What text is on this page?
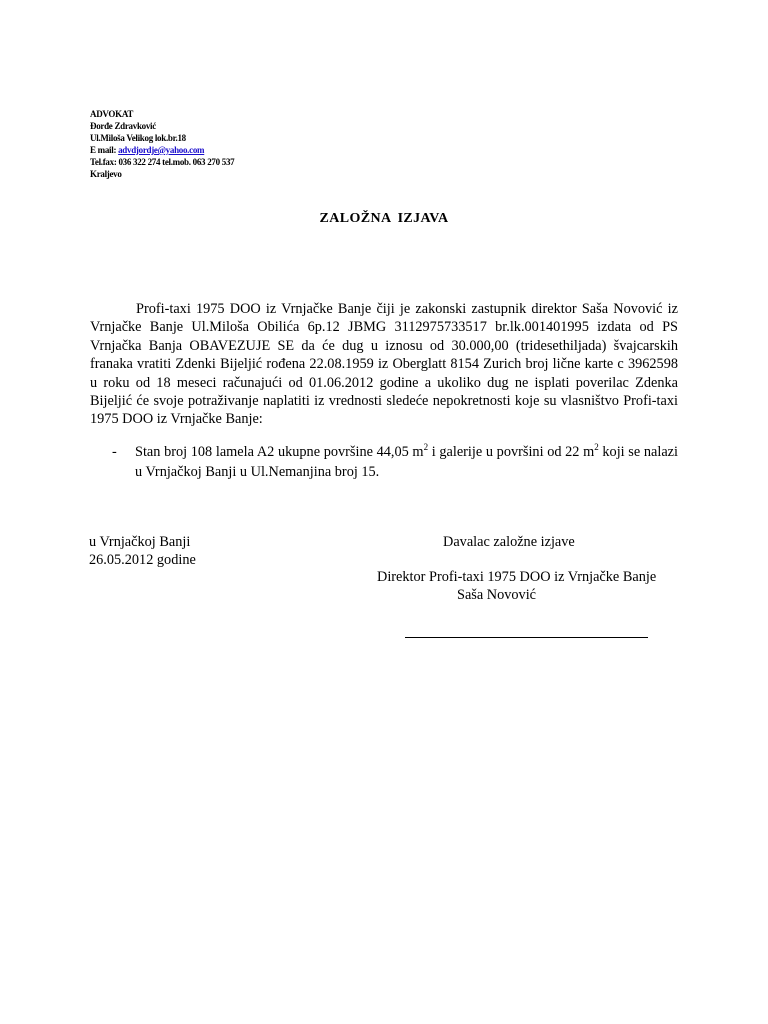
ADVOKAT
Đorđe Zdravković
Ul.Miloša Velikog lok.br.18
E mail: advdjordje@yahoo.com
Tel.fax: 036 322 274 tel.mob. 063 270 537
Kraljevo
ZALOŽNA IZJAVA

Profi-taxi 1975 DOO iz Vrnjačke Banje čiji je zakonski zastupnik direktor Saša Novović iz Vrnjačke Banje Ul.Miloša Obilića 6p.12 JBMG 3112975733517 br.lk.001401995 izdata od PS Vrnjačka Banja OBAVEZUJE SE da će dug u iznosu od 30.000,00 (tridesethiljada) švajcarskih franaka vratiti Zdenki Bijeljić rođena 22.08.1959 iz Oberglatt 8154 Zurich broj lične karte c 3962598 u roku od 18 meseci računajući od 01.06.2012 godine a ukoliko dug ne isplati poverilac Zdenka Bijeljić će svoje potraživanje naplatiti iz vrednosti sledeće nepokretnosti koje su vlasništvo Profi-taxi 1975 DOO iz Vrnjačke Banje:

- Stan broj 108 lamela A2 ukupne površine 44,05 $m^2$ i galerije u površini od 22 $m^2$ koji se nalazi u Vrnjačkoj Banji u Ul.Nemanjina broj 15.
u Vrnjačkoj Banji
26.05.2012 godine
Davalac založne izjave
Direktor Profi-taxi 1975 DOO iz Vrnjačke Banje
Saša Novović
